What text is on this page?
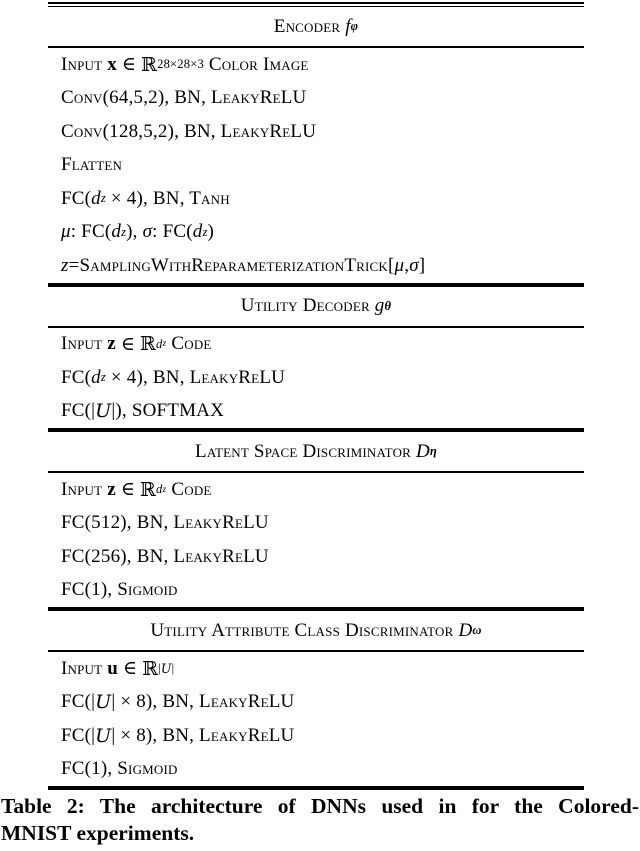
Encoder f φ
Input x ∈ ℝ 28×28×3 Color Image
Conv(64,5,2), BN, LeakyReLU
Conv(128,5,2), BN, LeakyReLU
Flatten
FC( d z × 4), BN, Tanh
μ : FC( d z ), σ : FC( d z )
z =SamplingWithReparameterizationTrick[ μ , σ ]
Utility Decoder g θ
Input z ∈ ℝ d z Code
FC( d z × 4), BN, LeakyReLU
FC(| U |), SOFTMAX
Latent Space Discriminator D η
Input z ∈ ℝ d z Code
FC(512), BN, LeakyReLU
FC(256), BN, LeakyReLU
FC(1), Sigmoid
Utility Attribute Class Discriminator D ω
Input u ∈ ℝ | U |
FC(| U | × 8), BN, LeakyReLU
FC(| U | × 8), BN, LeakyReLU
FC(1), Sigmoid
Table 2: The architecture of DNNs used in for the Colored-
MNIST experiments.
